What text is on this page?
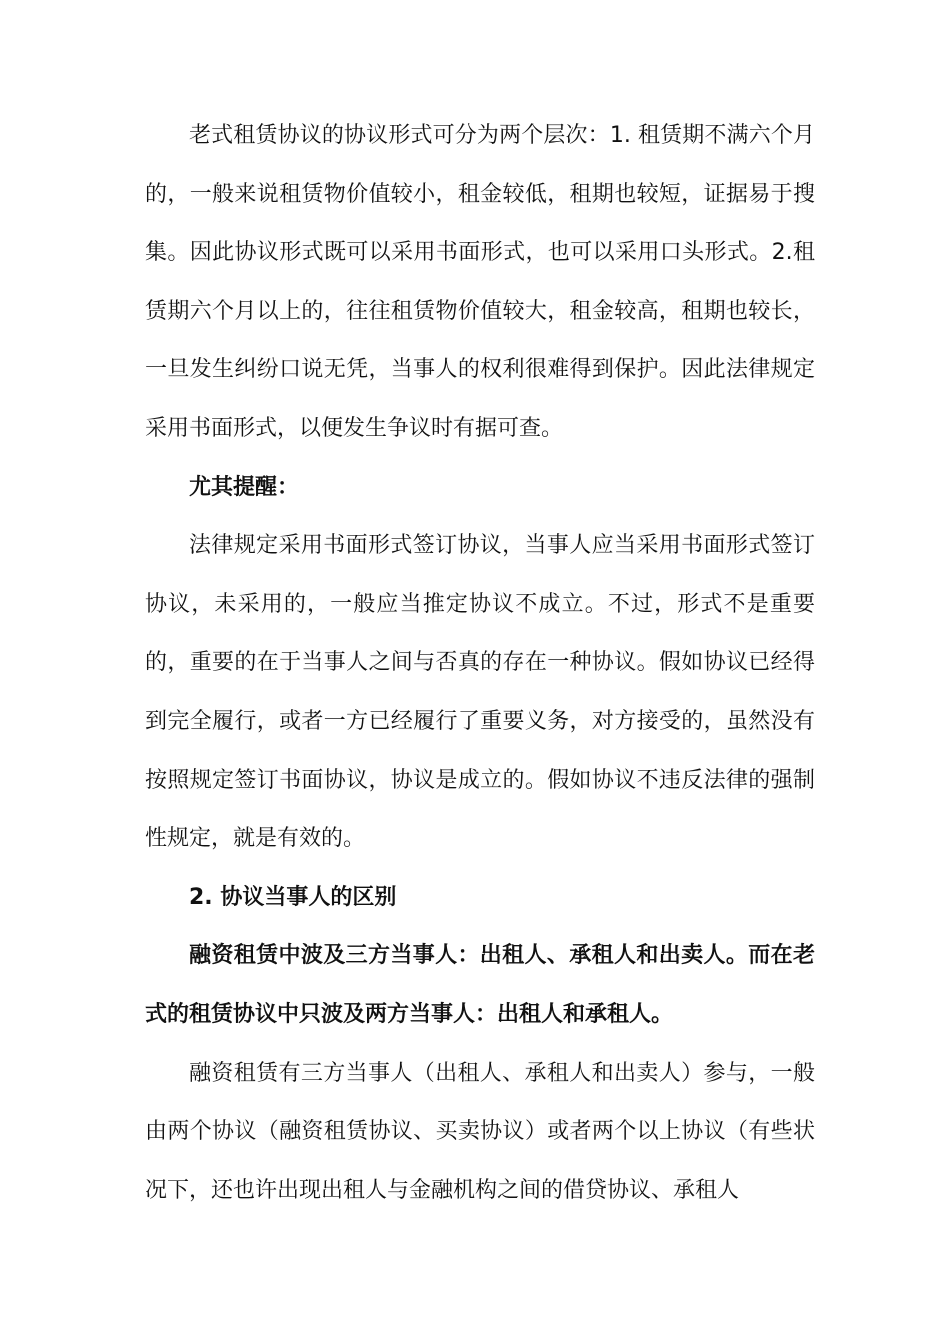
老式租赁协议的协议形式可分为两个层次：1. 租赁期不满六个月的，一般来说租赁物价值较小，租金较低，租期也较短，证据易于搜集。因此协议形式既可以采用书面形式，也可以采用口头形式。2.租赁期六个月以上的，往往租赁物价值较大，租金较高，租期也较长，一旦发生纠纷口说无凭，当事人的权利很难得到保护。因此法律规定采用书面形式，以便发生争议时有据可查。

尤其提醒：

法律规定采用书面形式签订协议，当事人应当采用书面形式签订协议，未采用的，一般应当推定协议不成立。不过，形式不是重要的，重要的在于当事人之间与否真的存在一种协议。假如协议已经得到完全履行，或者一方已经履行了重要义务，对方接受的，虽然没有按照规定签订书面协议，协议是成立的。假如协议不违反法律的强制性规定，就是有效的。

2. 协议当事人的区别

融资租赁中波及三方当事人：出租人、承租人和出卖人。而在老式的租赁协议中只波及两方当事人：出租人和承租人。

融资租赁有三方当事人（出租人、承租人和出卖人）参与，一般由两个协议（融资租赁协议、买卖协议）或者两个以上协议（有些状况下，还也许出现出租人与金融机构之间的借贷协议、承租人
